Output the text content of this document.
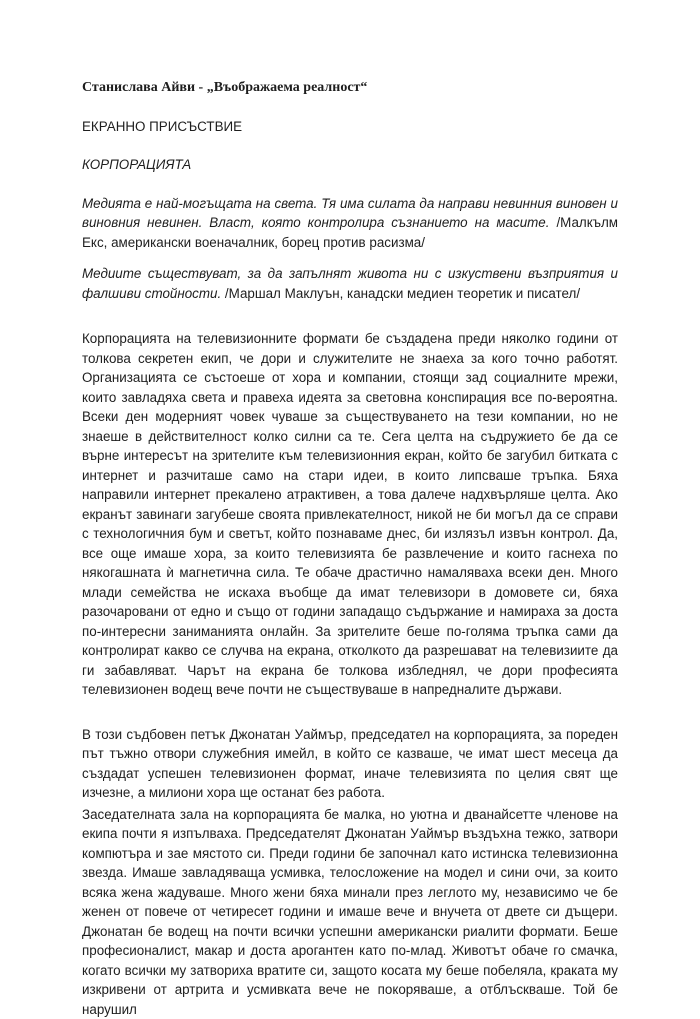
Станислава Айви - „Въображаема реалност“

ЕКРАННО ПРИСЪСТВИЕ

КОРПОРАЦИЯТА

Медията е най-могъщата на света. Тя има силата да направи невинния виновен и виновния невинен. Власт, която контролира съзнанието на масите. /Малкълм Екс, американски военачалник, борец против расизма/

Медиите съществуват, за да запълнят живота ни с изкуствени възприятия и фалшиви стойности. /Маршал Маклуън, канадски медиен теоретик и писател/

Корпорацията на телевизионните формати бе създадена преди няколко години от толкова секретен екип, че дори и служителите не знаеха за кого точно работят. Организацията се състоеше от хора и компании, стоящи зад социалните мрежи, които завладяха света и правеха идеята за световна конспирация все по-вероятна. Всеки ден модерният човек чуваше за съществуването на тези компании, но не знаеше в действителност колко силни са те. Сега целта на съдружието бе да се върне интересът на зрителите към телевизионния екран, който бе загубил битката с интернет и разчиташе само на стари идеи, в които липсваше тръпка. Бяха направили интернет прекалено атрактивен, а това далече надхвърляше целта. Ако екранът завинаги загубеше своята привлекателност, никой не би могъл да се справи с технологичния бум и светът, който познаваме днес, би излязъл извън контрол. Да, все още имаше хора, за които телевизията бе развлечение и които гаснеха по някогашната ѝ магнетична сила. Те обаче драстично намаляваха всеки ден. Много млади семейства не искаха въобще да имат телевизори в домовете си, бяха разочаровани от едно и също от години западащо съдържание и намираха за доста по-интересни заниманията онлайн. За зрителите беше по-голяма тръпка сами да контролират какво се случва на екрана, отколкото да разрешават на телевизиите да ги забавляват. Чарът на екрана бе толкова избледнял, че дори професията телевизионен водещ вече почти не съществуваше в напредналите държави.

В този съдбовен петък Джонатан Уаймър, председател на корпорацията, за пореден път тъжно отвори служебния имейл, в който се казваше, че имат шест месеца да създадат успешен телевизионен формат, иначе телевизията по целия свят ще изчезне, а милиони хора ще останат без работа.

Заседателната зала на корпорацията бе малка, но уютна и дванайсетте членове на екипа почти я изпълваха. Председателят Джонатан Уаймър въздъхна тежко, затвори компютъра и зае мястото си. Преди години бе започнал като истинска телевизионна звезда. Имаше завладяваща усмивка, телосложение на модел и сини очи, за които всяка жена жадуваше. Много жени бяха минали през леглото му, независимо че бе женен от повече от четиресет години и имаше вече и внучета от двете си дъщери. Джонатан бе водещ на почти всички успешни американски риалити формати. Беше професионалист, макар и доста арогантен като по-млад. Животът обаче го смачка, когато всички му затвориха вратите си, защото косата му беше побеляла, краката му изкривени от артрита и усмивката вече не покоряваше, а отблъскваше. Той бе нарушил
